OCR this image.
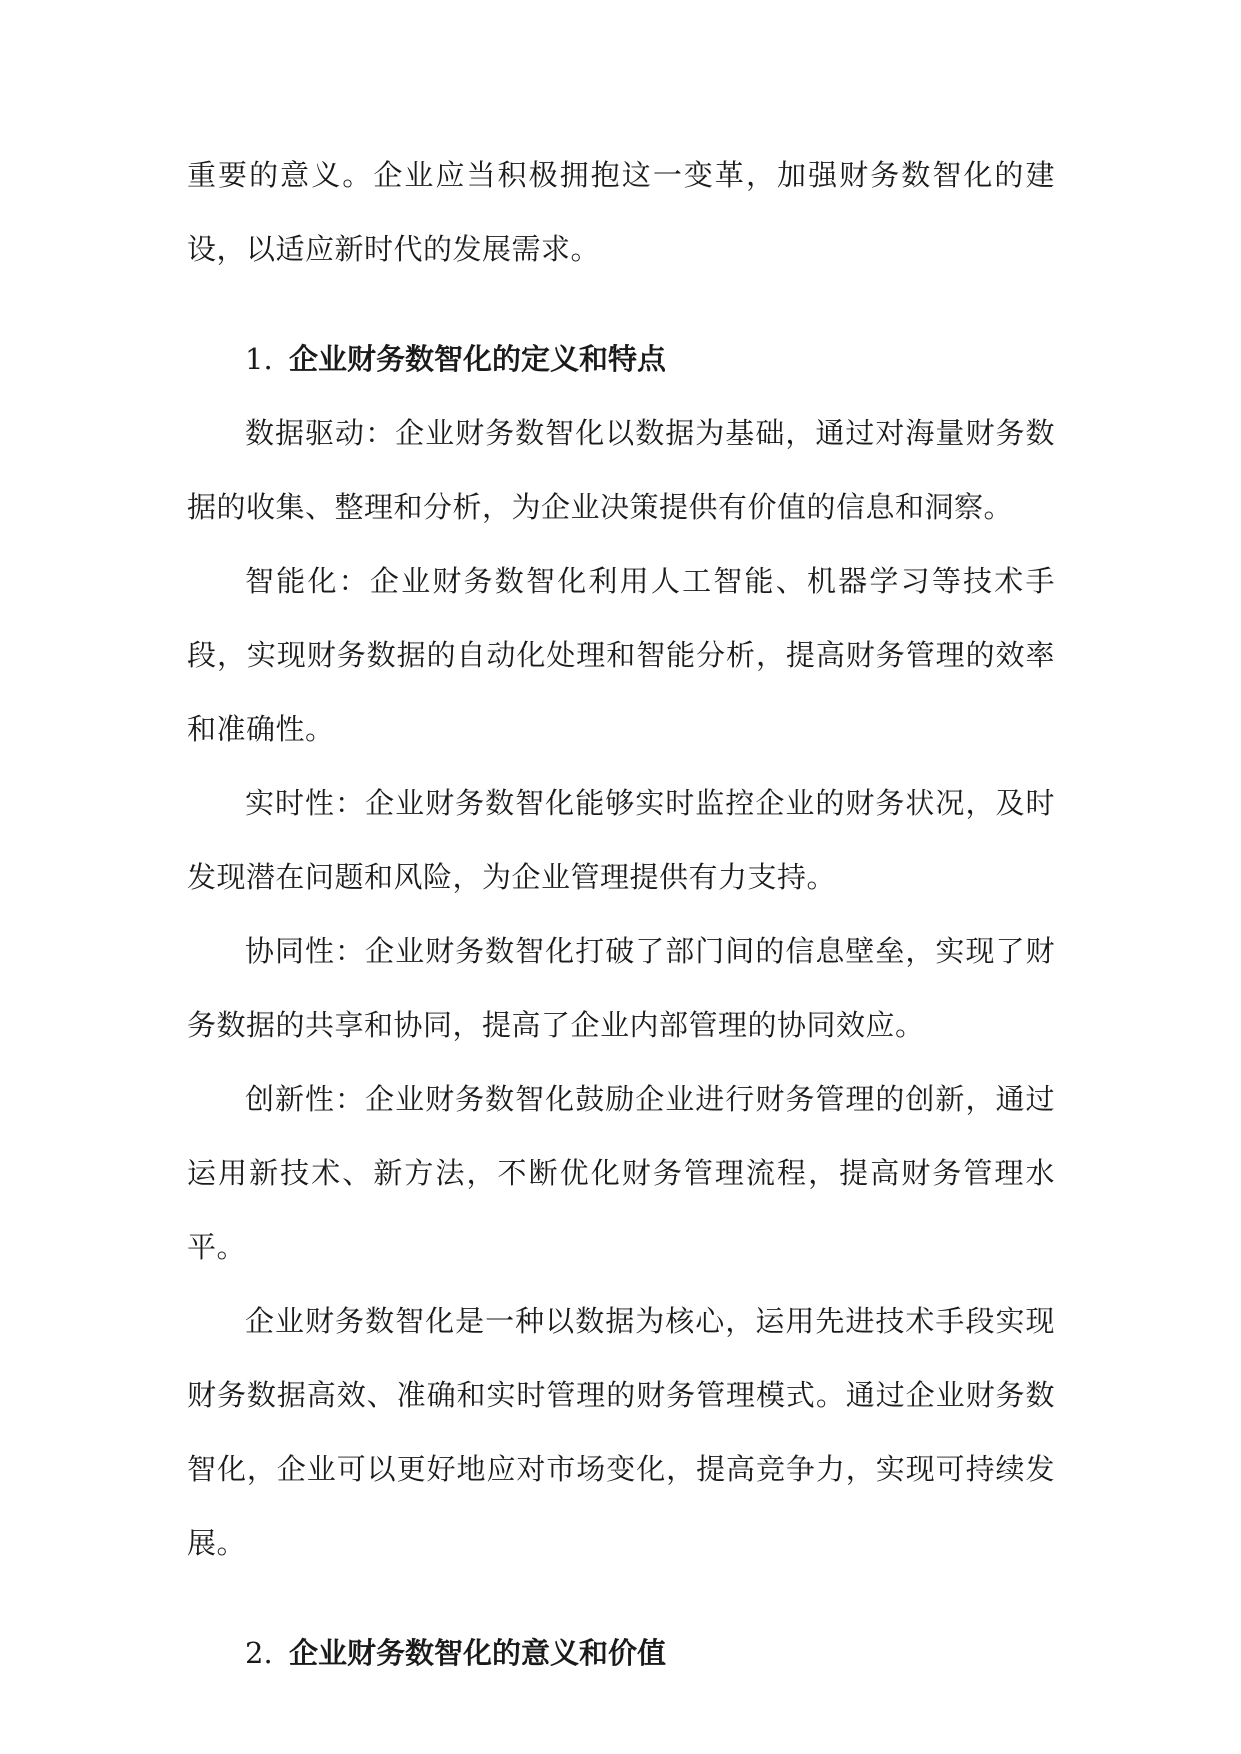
重要的意义。企业应当积极拥抱这一变革，加强财务数智化的建设，以适应新时代的发展需求。

1. 企业财务数智化的定义和特点

数据驱动：企业财务数智化以数据为基础，通过对海量财务数据的收集、整理和分析，为企业决策提供有价值的信息和洞察。

智能化：企业财务数智化利用人工智能、机器学习等技术手段，实现财务数据的自动化处理和智能分析，提高财务管理的效率和准确性。

实时性：企业财务数智化能够实时监控企业的财务状况，及时发现潜在问题和风险，为企业管理提供有力支持。

协同性：企业财务数智化打破了部门间的信息壁垒，实现了财务数据的共享和协同，提高了企业内部管理的协同效应。

创新性：企业财务数智化鼓励企业进行财务管理的创新，通过运用新技术、新方法，不断优化财务管理流程，提高财务管理水平。

企业财务数智化是一种以数据为核心，运用先进技术手段实现财务数据高效、准确和实时管理的财务管理模式。通过企业财务数智化，企业可以更好地应对市场变化，提高竞争力，实现可持续发展。

2. 企业财务数智化的意义和价值
